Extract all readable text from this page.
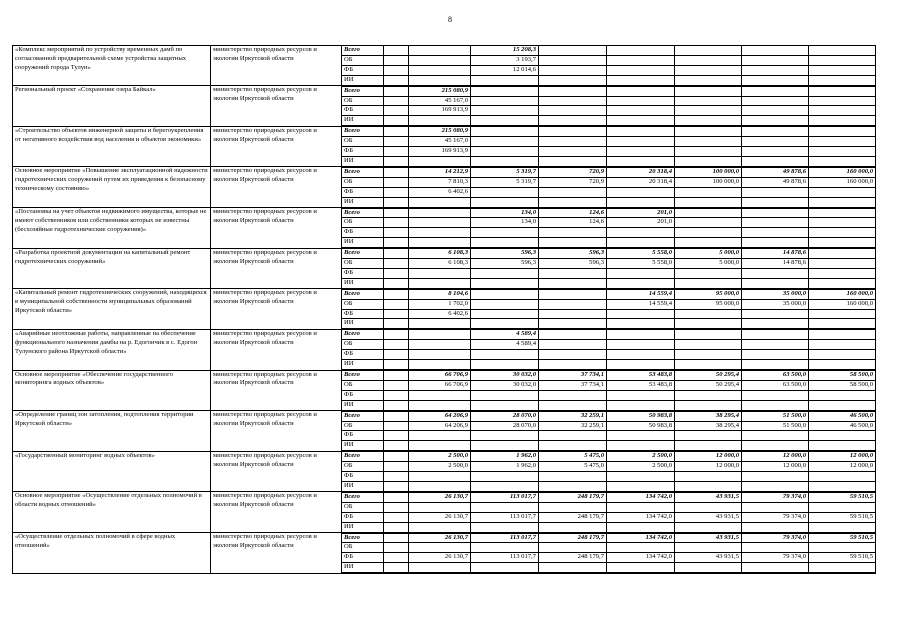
8
«Комплекс мероприятий по устройству временных дамб по согласованной предварительной схеме устройства защитных сооружений города Тулун»	министерство природных ресурсов и экологии Иркутской области	Всего			15 208,3					
		ОБ			3 193,7					
		ФБ			12 014,6					
		ИИ								
Региональный проект «Сохранение озера Байкал»	министерство природных ресурсов и экологии Иркутской области	Всего		215 080,9						
		ОБ		45 167,0						
		ФБ		169 913,9						
		ИИ								
«Строительство объектов инженерной защиты и берегоукрепления от негативного воздействия вод населения и объектов экономики»	министерство природных ресурсов и экологии Иркутской области	Всего		215 080,9						
		ОБ		45 167,0						
		ФБ		169 913,9						
		ИИ								
Основное мероприятие «Повышение эксплуатационной надежности гидротехнических сооружений путем их приведения к безопасному техническому состоянию»	министерство природных ресурсов и экологии Иркутской области	Всего		14 212,9	5 319,7	720,9	20 318,4	100 000,0	49 878,6	160 000,0
		ОБ		7 810,3	5 319,7	720,9	20 318,4	100 000,0	49 878,6	160 000,0
		ФБ		6 402,6						
		ИИ								
«Постановка на учет объектов недвижимого имущества, которые не имеют собственников или собственники которых не известны (бесхозяйные гидротехнические сооружения)»	министерство природных ресурсов и экологии Иркутской области	Всего			134,0	124,6	201,0			
		ОБ			134,0	124,6	201,0			
		ФБ								
		ИИ								
«Разработка проектной документации на капитальный ремонт гидротехнических сооружений»	министерство природных ресурсов и экологии Иркутской области	Всего		6 108,3	596,3	596,3	5 558,0	5 000,0	14 878,6	
		ОБ		6 108,3	596,3	596,3	5 558,0	5 000,0	14 878,6	
		ФБ								
		ИИ								
«Капитальный ремонт гидротехнических сооружений, находящихся в муниципальной собственности муниципальных образований Иркутской области»	министерство природных ресурсов и экологии Иркутской области	Всего		8 104,6			14 559,4	95 000,0	35 000,0	160 000,0
		ОБ		1 702,0			14 559,4	95 000,0	35 000,0	160 000,0
		ФБ		6 402,6						
		ИИ								
«Аварийные неотложные работы, направленные на обеспечение функционального назначения дамбы на р. Едогончик в с. Едогон Тулунского района Иркутской области»	министерство природных ресурсов и экологии Иркутской области	Всего			4 589,4					
		ОБ			4 589,4					
		ФБ								
		ИИ								
Основное мероприятие «Обеспечение государственного мониторинга водных объектов»	министерство природных ресурсов и экологии Иркутской области	Всего		66 706,9	30 032,0	37 734,1	53 483,8	50 295,4	63 500,0	58 500,0
		ОБ		66 706,9	30 032,0	37 734,1	53 483,8	50 295,4	63 500,0	58 500,0
		ФБ								
		ИИ								
«Определение границ зон затопления, подтопления территории Иркутской области»	министерство природных ресурсов и экологии Иркутской области	Всего		64 206,9	28 070,0	32 259,1	50 983,8	38 295,4	51 500,0	46 500,0
		ОБ		64 206,9	28 070,0	32 259,1	50 983,8	38 295,4	51 500,0	46 500,0
		ФБ								
		ИИ								
«Государственный мониторинг водных объектов»	министерство природных ресурсов и экологии Иркутской области	Всего		2 500,0	1 962,0	5 475,0	2 500,0	12 000,0	12 000,0	12 000,0
		ОБ		2 500,0	1 962,0	5 475,0	2 500,0	12 000,0	12 000,0	12 000,0
		ФБ								
		ИИ								
Основное мероприятие «Осуществление отдельных полномочий в области водных отношений»	министерство природных ресурсов и экологии Иркутской области	Всего		26 130,7	113 017,7	248 179,7	134 742,0	43 931,5	79 374,0	59 510,5
		ОБ								
		ФБ		26 130,7	113 017,7	248 179,7	134 742,0	43 931,5	79 374,0	59 510,5
		ИИ								
«Осуществление отдельных полномочий в сфере водных отношений»	министерство природных ресурсов и экологии Иркутской области	Всего		26 130,7	113 017,7	248 179,7	134 742,0	43 931,5	79 374,0	59 510,5
		ОБ								
		ФБ		26 130,7	113 017,7	248 179,7	134 742,0	43 931,5	79 374,0	59 510,5
		ИИ								
